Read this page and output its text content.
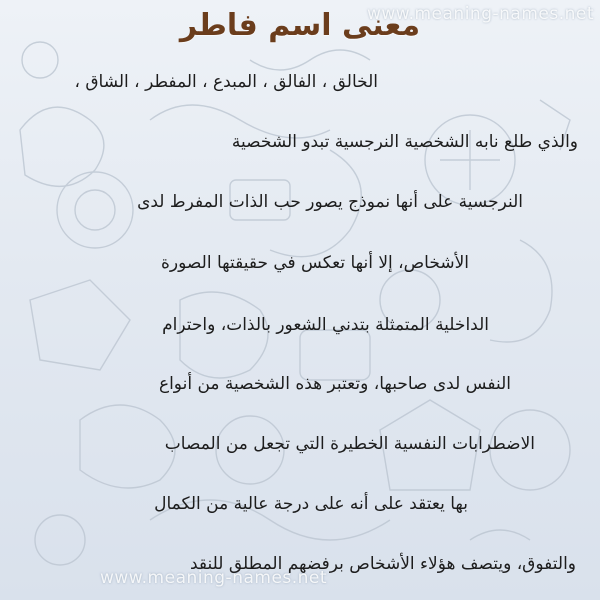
www.meaning-names.net
معنى اسم فاطر
الخالق ، الفالق ، المبدع ، المفطر ، الشاق ،
والذي طلع نابه الشخصية النرجسية تبدو الشخصية
النرجسية على أنها نموذج يصور حب الذات المفرط لدى
الأشخاص، إلا أنها تعكس في حقيقتها الصورة
الداخلية المتمثلة بتدني الشعور بالذات، واحترام
النفس لدى صاحبها، وتعتبر هذه الشخصية من أنواع
الاضطرابات النفسية الخطيرة التي تجعل من المصاب
بها يعتقد على أنه على درجة عالية من الكمال
والتفوق، ويتصف هؤلاء الأشخاص برفضهم المطلق للنقد
www.meaning-names.net
